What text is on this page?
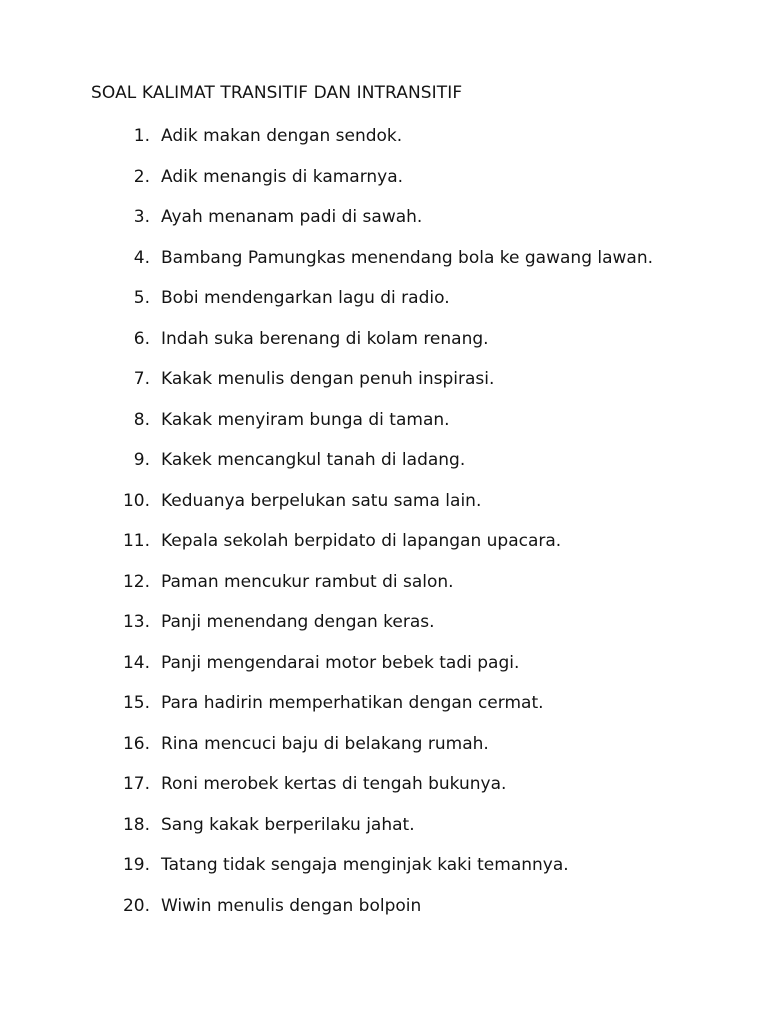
SOAL KALIMAT TRANSITIF DAN INTRANSITIF
1. Adik makan dengan sendok.
2. Adik menangis di kamarnya.
3. Ayah menanam padi di sawah.
4. Bambang Pamungkas menendang bola ke gawang lawan.
5. Bobi mendengarkan lagu di radio.
6. Indah suka berenang di kolam renang.
7. Kakak menulis dengan penuh inspirasi.
8. Kakak menyiram bunga di taman.
9. Kakek mencangkul tanah di ladang.
10. Keduanya berpelukan satu sama lain.
11. Kepala sekolah berpidato di lapangan upacara.
12. Paman mencukur rambut di salon.
13. Panji menendang dengan keras.
14. Panji mengendarai motor bebek tadi pagi.
15. Para hadirin memperhatikan dengan cermat.
16. Rina mencuci baju di belakang rumah.
17. Roni merobek kertas di tengah bukunya.
18. Sang kakak berperilaku jahat.
19. Tatang tidak sengaja menginjak kaki temannya.
20. Wiwin menulis dengan bolpoin
